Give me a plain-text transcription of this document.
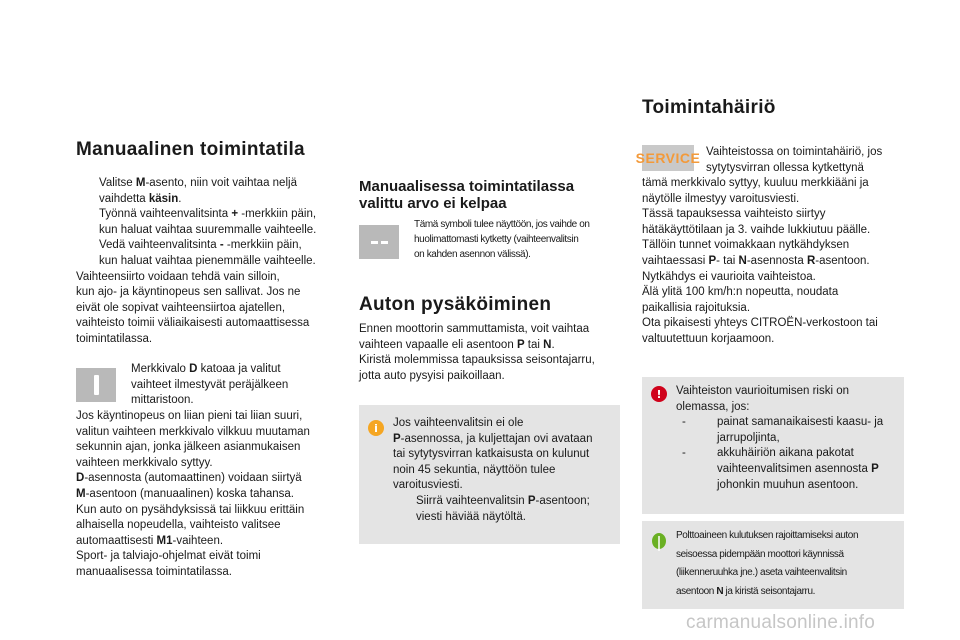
Manuaalinen toimintatila
Valitse M-asento, niin voit vaihtaa neljä
vaihdetta käsin.
Työnnä vaihteenvalitsinta + -merkkiin päin,
kun haluat vaihtaa suuremmalle vaihteelle.
Vedä vaihteenvalitsinta - -merkkiin päin,
kun haluat vaihtaa pienemmälle vaihteelle.
Vaihteensiirto voidaan tehdä vain silloin,
kun ajo- ja käyntinopeus sen sallivat. Jos ne
eivät ole sopivat vaihteensiirtoa ajatellen,
vaihteisto toimii väliaikaisesti automaattisessa
toimintatilassa.
Merkkivalo D katoaa ja valitut
vaihteet ilmestyvät peräjälkeen
mittaristoon.
Jos käyntinopeus on liian pieni tai liian suuri,
valitun vaihteen merkkivalo vilkkuu muutaman
sekunnin ajan, jonka jälkeen asianmukaisen
vaihteen merkkivalo syttyy.
D-asennosta (automaattinen) voidaan siirtyä
M-asentoon (manuaalinen) koska tahansa.
Kun auto on pysähdyksissä tai liikkuu erittäin
alhaisella nopeudella, vaihteisto valitsee
automaattisesti M1-vaihteen.
Sport- ja talviajo-ohjelmat eivät toimi
manuaalisessa toimintatilassa.
Manuaalisessa toimintatilassa
valittu arvo ei kelpaa
Tämä symboli tulee näyttöön, jos vaihde on
huolimattomasti kytketty (vaihteenvalitsin
on kahden asennon välissä).
Auton pysäköiminen
Ennen moottorin sammuttamista, voit vaihtaa
vaihteen vapaalle eli asentoon P tai N.
Kiristä molemmissa tapauksissa seisontajarru,
jotta auto pysyisi paikoillaan.
i	Jos vaihteenvalitsin ei ole
P-asennossa, ja kuljettajan ovi avataan
tai sytytysvirran katkaisusta on kulunut
noin 45 sekuntia, näyttöön tulee
varoitusviesti.
Siirrä vaihteenvalitsin P-asentoon;
viesti häviää näytöltä.
Toimintahäiriö
SERVICE Vaihteistossa on toimintahäiriö, jos
sytytysvirran ollessa kytkettynä
tämä merkkivalo syttyy, kuuluu merkkiääni ja
näytölle ilmestyy varoitusviesti.
Tässä tapauksessa vaihteisto siirtyy
hätäkäyttötilaan ja 3. vaihde lukkiutuu päälle.
Tällöin tunnet voimakkaan nytkähdyksen
vaihtaessasi P- tai N-asennosta R-asentoon.
Nytkähdys ei vaurioita vaihteistoa.
Älä ylitä 100 km/h:n nopeutta, noudata
paikallisia rajoituksia.
Ota pikaisesti yhteys CITROËN-verkostoon tai
valtuutettuun korjaamoon.
!	Vaihteiston vaurioitumisen riski on
olemassa, jos:
-	painat samanaikaisesti kaasu- ja
jarrupoljinta,
-	akkuhäiriön aikana pakotat
vaihteenvalitsimen asennosta P
johonkin muuhun asentoon.
Polttoaineen kulutuksen rajoittamiseksi auton
seisoessa pidempään moottori käynnissä
(liikenneruuhka jne.) aseta vaihteenvalitsin
asentoon N ja kiristä seisontajarru.
carmanualsonline.info
